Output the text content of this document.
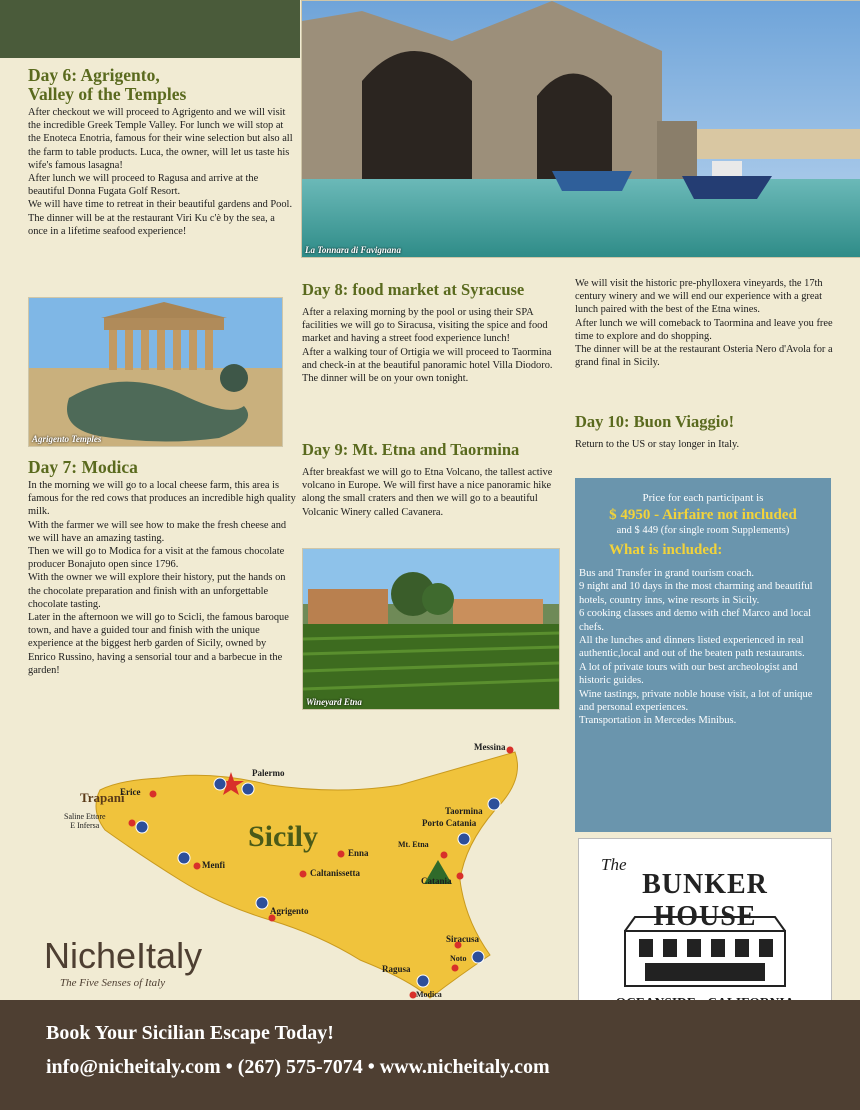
La Tonnara di Favignana
Day 6: Agrigento,
Valley of the Temples

After checkout we will proceed to Agrigento and we will visit the incredible Greek Temple Valley. For lunch we will stop at the Enoteca Enotria, famous for their wine selection but also all the farm to table products. Luca, the owner, will let us taste his wife's famous lasagna!

After lunch we will proceed to Ragusa and arrive at the beautiful Donna Fugata Golf Resort.

We will have time to retreat in their beautiful gardens and Pool.

The dinner will be at the restaurant Viri Ku c'è by the sea, a once in a lifetime seafood experience!

Agrigento Temples
Day 7: Modica

In the morning we will go to a local cheese farm, this area is famous for the red cows that produces an incredible high quality milk.

With the farmer we will see how to make the fresh cheese and we will have an amazing tasting.

Then we will go to Modica for a visit at the famous chocolate producer Bonajuto open since 1796.

With the owner we will explore their history, put the hands on the chocolate preparation and finish with an unforgettable chocolate tasting.

Later in the afternoon we will go to Scicli, the famous baroque town, and have a guided tour and finish with the unique experience at the biggest herb garden of Sicily, owned by Enrico Russino, having a sensorial tour and a barbecue in the garden!

Day 8: food market at Syracuse

After a relaxing morning by the pool or using their SPA facilities we will go to Siracusa, visiting the spice and food market and having a street food experience lunch!

After a walking tour of Ortigia we will proceed to Taormina and check-in at the beautiful panoramic hotel Villa Diodoro.

The dinner will be on your own tonight.

Day 9: Mt. Etna and Taormina

After breakfast we will go to Etna Volcano, the tallest active volcano in Europe. We will first have a nice panoramic hike along the small craters and then we will go to a beautiful Volcanic Winery called Cavanera.

Wineyard Etna

We will visit the historic pre-phylloxera vineyards, the 17th century winery and we will end our experience with a great lunch paired with the best of the Etna wines.

After lunch we will comeback to Taormina and leave you free time to explore and do shopping.

The dinner will be at the restaurant Osteria Nero d'Avola for a grand final in Sicily.

Day 10: Buon Viaggio!
Return to the US or stay longer in Italy.
Price for each participant is
$ 4950 - Airfaire not included
and $ 449 (for single room Supplements)
What is included:

Bus and Transfer in grand tourism coach.

9 night and 10 days in the most charming and beautiful hotels, country inns, wine resorts in Sicily.

6 cooking classes and demo with chef Marco and local chefs.

All the lunches and dinners listed experienced in real authentic,local and out of the beaten path restaurants.

A lot of private tours with our best archeologist and historic guides.

Wine tastings, private noble house visit, a lot of unique and personal experiences.

Transportation in Mercedes Minibus.

Sicily
Trapani
Erice
Palermo
Saline Ettore
E Infersa
Menfi
Agrigento
Caltanissetta
Enna
Messina
Taormina
Porto Catania
Mt. Etna
Catania
Siracusa
Noto
Ragusa
Modica
NicheItaly
The Five Senses of Italy
The
BUNKER HOUSE
Book Your Sicilian Escape Today!
info@nicheitaly.com • (267) 575-7074 • www.nicheitaly.com
